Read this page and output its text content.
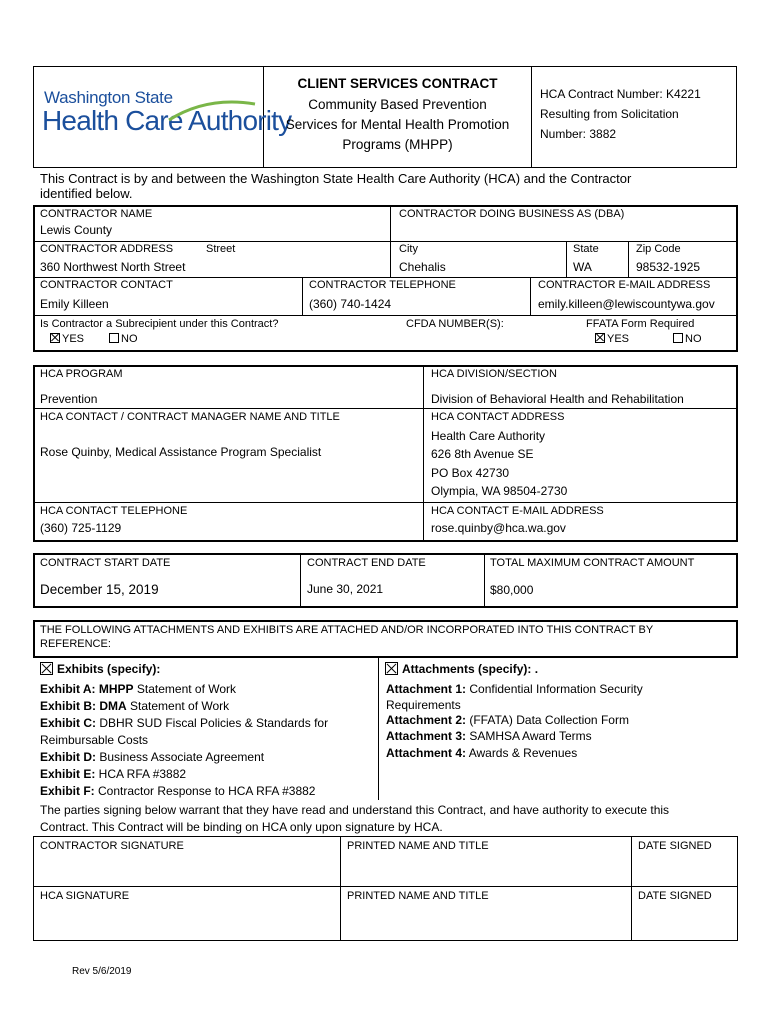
Washington State
Health Care Authority
CLIENT SERVICES CONTRACT
Community Based Prevention
Services for Mental Health Promotion
Programs (MHPP)
HCA Contract Number: K4221
Resulting from Solicitation
Number: 3882
This Contract is by and between the Washington State Health Care Authority (HCA) and the Contractor
identified below.
CONTRACTOR NAME
Lewis County
CONTRACTOR DOING BUSINESS AS (DBA)
CONTRACTOR ADDRESS	Street
360 Northwest North Street
City
Chehalis
State
WA
Zip Code
98532-1925
CONTRACTOR CONTACT
Emily Killeen
CONTRACTOR TELEPHONE
(360) 740-1424
CONTRACTOR E-MAIL ADDRESS
emily.killeen@lewiscountywa.gov
Is Contractor a Subrecipient under this Contract?
YES	NO
CFDA NUMBER(S):	FFATA Form Required
YES	NO
HCA PROGRAM
Prevention
HCA DIVISION/SECTION
Division of Behavioral Health and Rehabilitation
HCA CONTACT / CONTRACT MANAGER NAME AND TITLE
Rose Quinby, Medical Assistance Program Specialist
HCA CONTACT ADDRESS
Health Care Authority
626 8th Avenue SE
PO Box 42730
Olympia, WA 98504-2730
HCA CONTACT TELEPHONE
(360) 725-1129
HCA CONTACT E-MAIL ADDRESS
rose.quinby@hca.wa.gov
CONTRACT START DATE
December 15, 2019
CONTRACT END DATE
June 30, 2021
TOTAL MAXIMUM CONTRACT AMOUNT
$80,000
THE FOLLOWING ATTACHMENTS AND EXHIBITS ARE ATTACHED AND/OR INCORPORATED INTO THIS CONTRACT BY
REFERENCE:
Exhibits (specify):
Exhibit A: MHPP Statement of Work
Exhibit B: DMA Statement of Work
Exhibit C: DBHR SUD Fiscal Policies & Standards for
Reimbursable Costs
Exhibit D: Business Associate Agreement
Exhibit E: HCA RFA #3882
Exhibit F: Contractor Response to HCA RFA #3882
Attachments (specify): .
Attachment 1: Confidential Information Security
Requirements
Attachment 2: (FFATA) Data Collection Form
Attachment 3: SAMHSA Award Terms
Attachment 4: Awards & Revenues
The parties signing below warrant that they have read and understand this Contract, and have authority to execute this
Contract. This Contract will be binding on HCA only upon signature by HCA.
CONTRACTOR SIGNATURE	PRINTED NAME AND TITLE	DATE SIGNED
HCA SIGNATURE	PRINTED NAME AND TITLE	DATE SIGNED
Rev 5/6/2019
